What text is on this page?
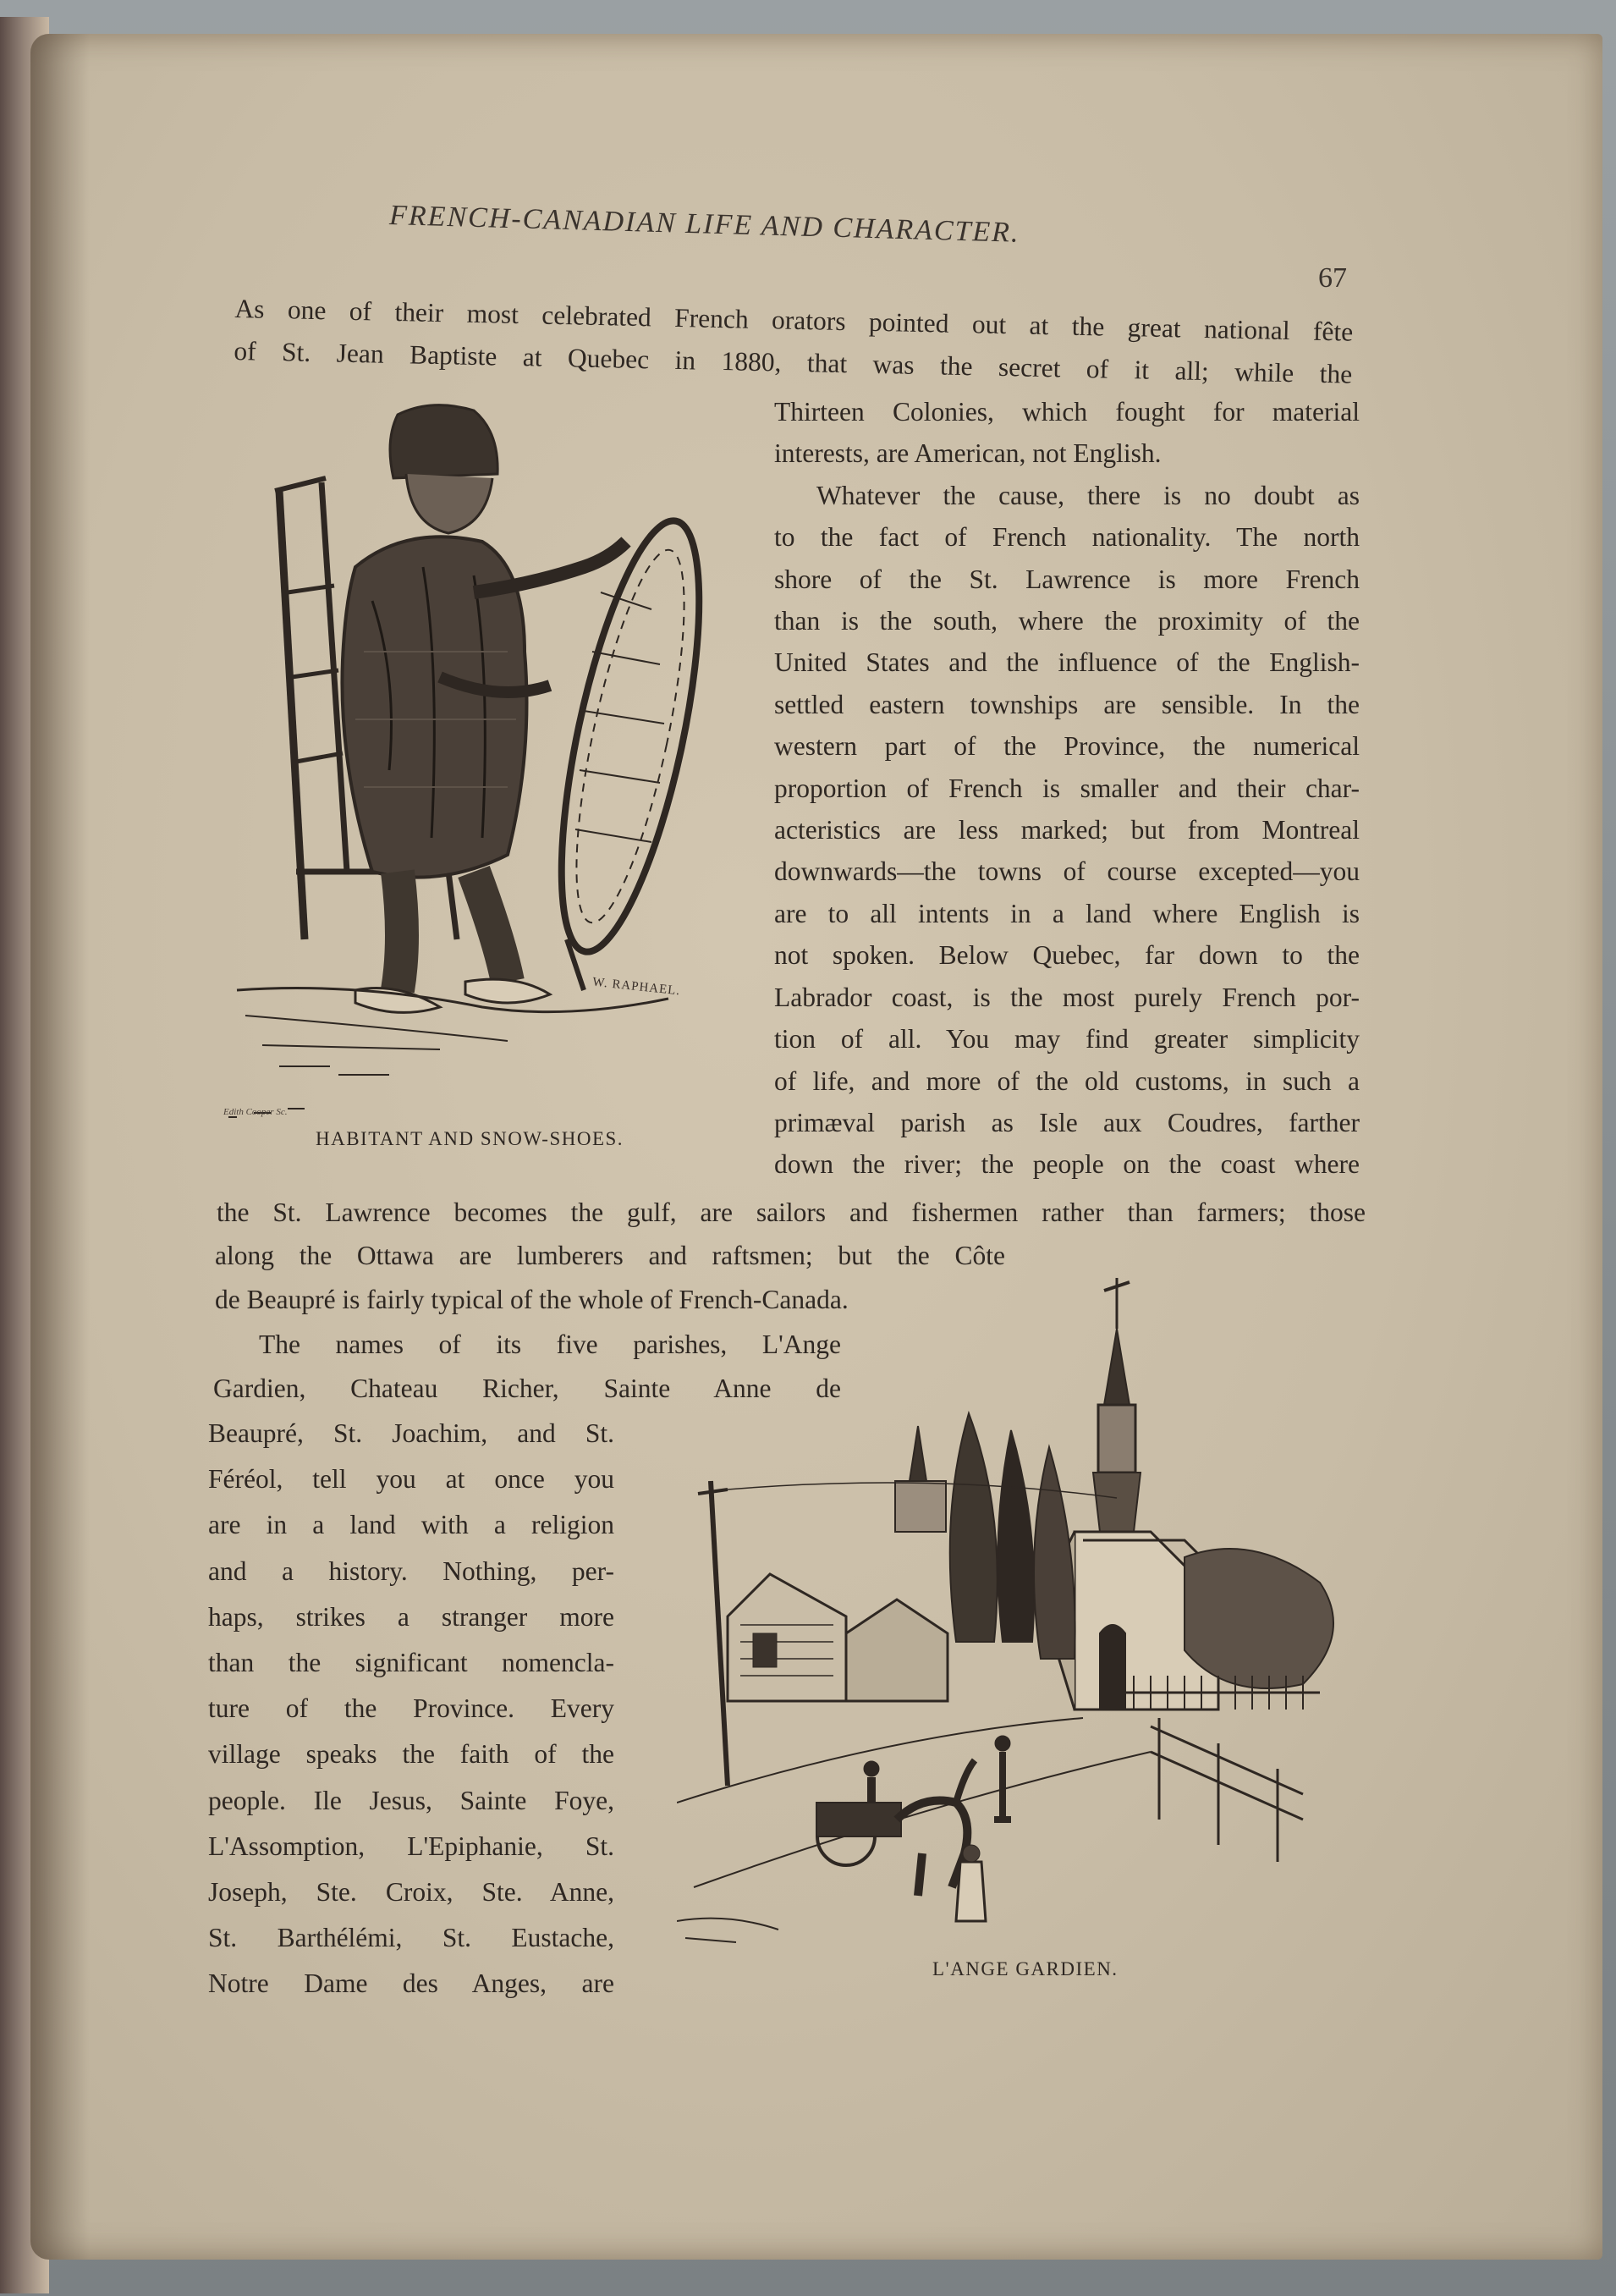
FRENCH-CANADIAN LIFE AND CHARACTER.
67
As one of their most celebrated French orators pointed out at the great national fête
of St. Jean Baptiste at Quebec in 1880, that was the secret of it all; while the
Thirteen Colonies, which fought for material
interests, are American, not English.
Whatever the cause, there is no doubt as
to the fact of French nationality. The north
shore of the St. Lawrence is more French
than is the south, where the proximity of the
United States and the influence of the English-
settled eastern townships are sensible. In the
western part of the Province, the numerical
proportion of French is smaller and their char-
acteristics are less marked; but from Montreal
downwards—the towns of course excepted—you
are to all intents in a land where English is
not spoken. Below Quebec, far down to the
Labrador coast, is the most purely French por-
tion of all. You may find greater simplicity
of life, and more of the old customs, in such a
primæval parish as Isle aux Coudres, farther
down the river; the people on the coast where
the St. Lawrence becomes the gulf, are sailors and fishermen rather than farmers; those
along the Ottawa are lumberers and raftsmen; but the Côte
de Beaupré is fairly typical of the whole of French-Canada.
The names of its five parishes, L'Ange
Gardien, Chateau Richer, Sainte Anne de
Beaupré, St. Joachim, and St.
Féréol, tell you at once you
are in a land with a religion
and a history. Nothing, per-
haps, strikes a stranger more
than the significant nomencla-
ture of the Province. Every
village speaks the faith of the
people. Ile Jesus, Sainte Foye,
L'Assomption, L'Epiphanie, St.
Joseph, Ste. Croix, Ste. Anne,
St. Barthélémi, St. Eustache,
Notre Dame des Anges, are
W. RAPHAEL.
Edith Cooper Sc.
HABITANT AND SNOW-SHOES.
L'ANGE GARDIEN.
